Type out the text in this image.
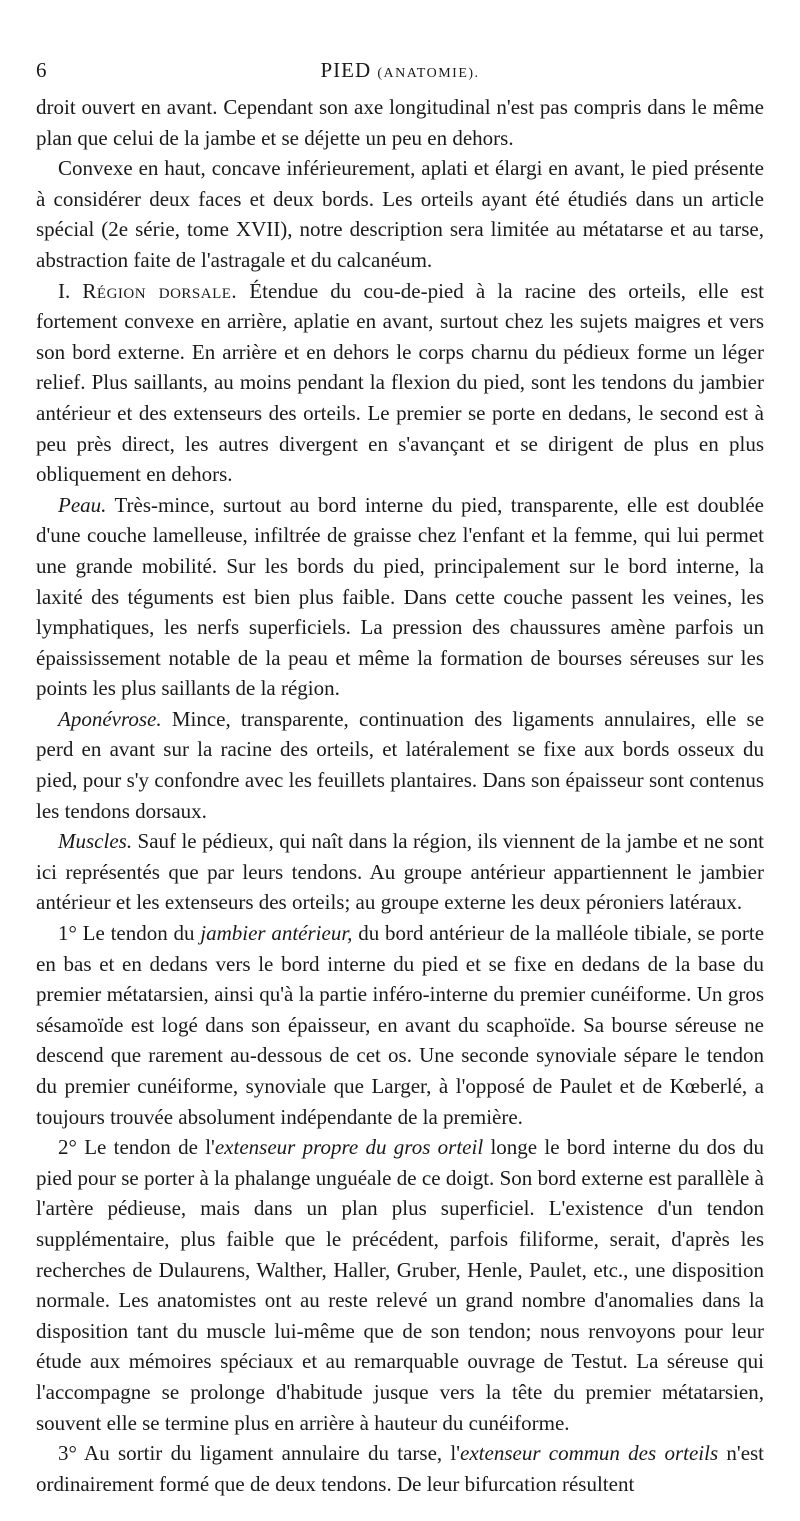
6	PIED (ANATOMIE).

droit ouvert en avant. Cependant son axe longitudinal n'est pas compris dans le même plan que celui de la jambe et se déjette un peu en dehors.

Convexe en haut, concave inférieurement, aplati et élargi en avant, le pied présente à considérer deux faces et deux bords. Les orteils ayant été étudiés dans un article spécial (2e série, tome XVII), notre description sera limitée au métatarse et au tarse, abstraction faite de l'astragale et du calcanéum.

I. Région dorsale. Étendue du cou-de-pied à la racine des orteils, elle est fortement convexe en arrière, aplatie en avant, surtout chez les sujets maigres et vers son bord externe. En arrière et en dehors le corps charnu du pédieux forme un léger relief. Plus saillants, au moins pendant la flexion du pied, sont les tendons du jambier antérieur et des extenseurs des orteils. Le premier se porte en dedans, le second est à peu près direct, les autres divergent en s'avançant et se dirigent de plus en plus obliquement en dehors.

Peau. Très-mince, surtout au bord interne du pied, transparente, elle est doublée d'une couche lamelleuse, infiltrée de graisse chez l'enfant et la femme, qui lui permet une grande mobilité. Sur les bords du pied, principalement sur le bord interne, la laxité des téguments est bien plus faible. Dans cette couche passent les veines, les lymphatiques, les nerfs superficiels. La pression des chaussures amène parfois un épaississement notable de la peau et même la formation de bourses séreuses sur les points les plus saillants de la région.

Aponévrose. Mince, transparente, continuation des ligaments annulaires, elle se perd en avant sur la racine des orteils, et latéralement se fixe aux bords osseux du pied, pour s'y confondre avec les feuillets plantaires. Dans son épaisseur sont contenus les tendons dorsaux.

Muscles. Sauf le pédieux, qui naît dans la région, ils viennent de la jambe et ne sont ici représentés que par leurs tendons. Au groupe antérieur appartiennent le jambier antérieur et les extenseurs des orteils; au groupe externe les deux péroniers latéraux.

1° Le tendon du jambier antérieur, du bord antérieur de la malléole tibiale, se porte en bas et en dedans vers le bord interne du pied et se fixe en dedans de la base du premier métatarsien, ainsi qu'à la partie inféro-interne du premier cunéiforme. Un gros sésamoïde est logé dans son épaisseur, en avant du scaphoïde. Sa bourse séreuse ne descend que rarement au-dessous de cet os. Une seconde synoviale sépare le tendon du premier cunéiforme, synoviale que Larger, à l'opposé de Paulet et de Kœberlé, a toujours trouvée absolument indépendante de la première.

2° Le tendon de l'extenseur propre du gros orteil longe le bord interne du dos du pied pour se porter à la phalange unguéale de ce doigt. Son bord externe est parallèle à l'artère pédieuse, mais dans un plan plus superficiel. L'existence d'un tendon supplémentaire, plus faible que le précédent, parfois filiforme, serait, d'après les recherches de Dulaurens, Walther, Haller, Gruber, Henle, Paulet, etc., une disposition normale. Les anatomistes ont au reste relevé un grand nombre d'anomalies dans la disposition tant du muscle lui-même que de son tendon; nous renvoyons pour leur étude aux mémoires spéciaux et au remarquable ouvrage de Testut. La séreuse qui l'accompagne se prolonge d'habitude jusque vers la tête du premier métatarsien, souvent elle se termine plus en arrière à hauteur du cunéiforme.

3° Au sortir du ligament annulaire du tarse, l'extenseur commun des orteils n'est ordinairement formé que de deux tendons. De leur bifurcation résultent
